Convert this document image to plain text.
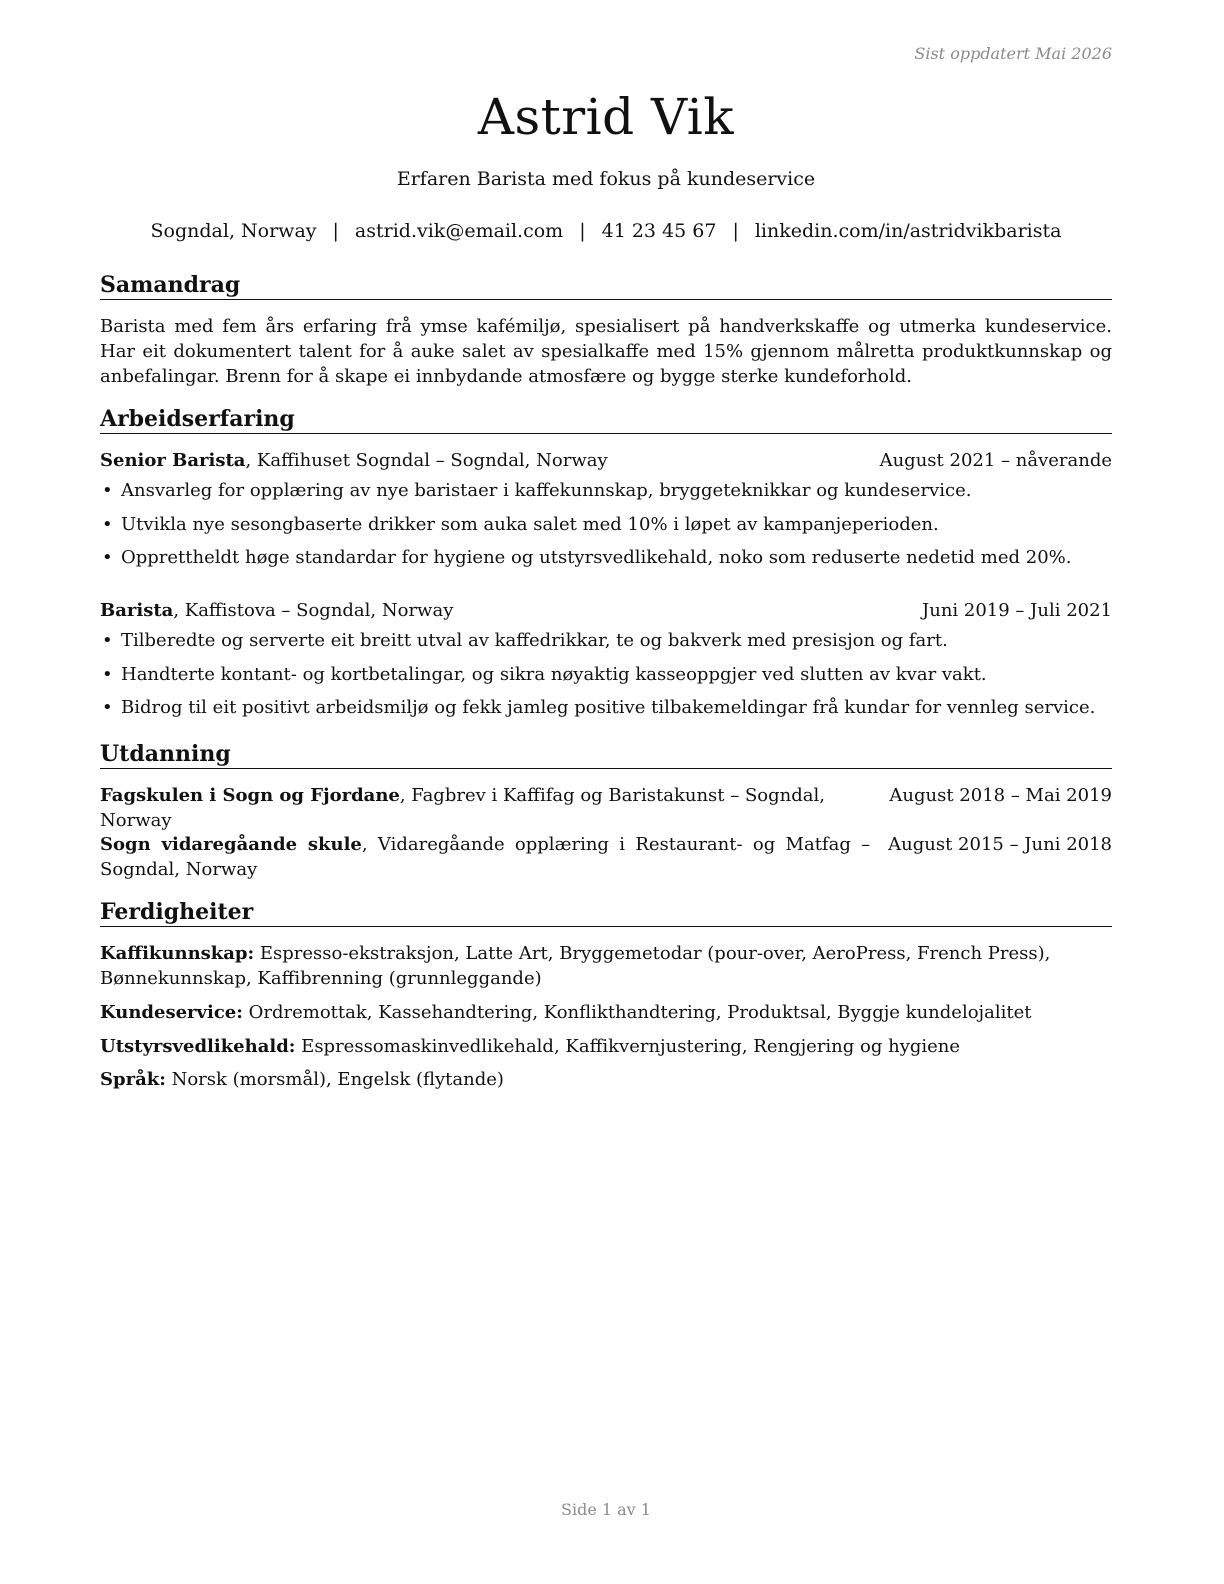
Sist oppdatert Mai 2026
Astrid Vik
Erfaren Barista med fokus på kundeservice
Sogndal, Norway | astrid.vik@email.com | 41 23 45 67 | linkedin.com/in/astridvikbarista
Samandrag

Barista med fem års erfaring frå ymse kafémiljø, spesialisert på handverkskaffe og utmerka kundeservice. Har eit dokumentert talent for å auke salet av spesialkaffe med 15% gjennom målretta produktkunnskap og anbefalingar. Brenn for å skape ei innbydande atmosfære og bygge sterke kundeforhold.

Arbeidserfaring
Senior Barista, Kaffihuset Sogndal – Sogndal, Norway	August 2021 – nåverande
• Ansvarleg for opplæring av nye baristaer i kaffekunnskap, bryggeteknikkar og kundeservice.
• Utvikla nye sesongbaserte drikker som auka salet med 10% i løpet av kampanjeperioden.
• Opprettheldt høge standardar for hygiene og utstyrsvedlikehald, noko som reduserte nedetid med 20%.
Barista, Kaffistova – Sogndal, Norway	Juni 2019 – Juli 2021
• Tilberedte og serverte eit breitt utval av kaffedrikkar, te og bakverk med presisjon og fart.
• Handterte kontant- og kortbetalingar, og sikra nøyaktig kasseoppgjer ved slutten av kvar vakt.
• Bidrog til eit positivt arbeidsmiljø og fekk jamleg positive tilbakemeldingar frå kundar for vennleg service.
Utdanning
Fagskulen i Sogn og Fjordane, Fagbrev i Kaffifag og Baristakunst – Sogndal, Norway
August 2018 – Mai 2019
Sogn vidaregåande skule, Vidaregåande opplæring i Restaurant- og Matfag – Sogndal, Norway
August 2015 – Juni 2018
Ferdigheiter

Kaffikunnskap: Espresso-ekstraksjon, Latte Art, Bryggemetodar (pour-over, AeroPress, French Press), Bønnekunnskap, Kaffibrenning (grunnleggande)

Kundeservice: Ordremottak, Kassehandtering, Konflikthandtering, Produktsal, Byggje kundelojalitet

Utstyrsvedlikehald: Espressomaskinvedlikehald, Kaffikvernjustering, Rengjering og hygiene

Språk: Norsk (morsmål), Engelsk (flytande)

Side 1 av 1
